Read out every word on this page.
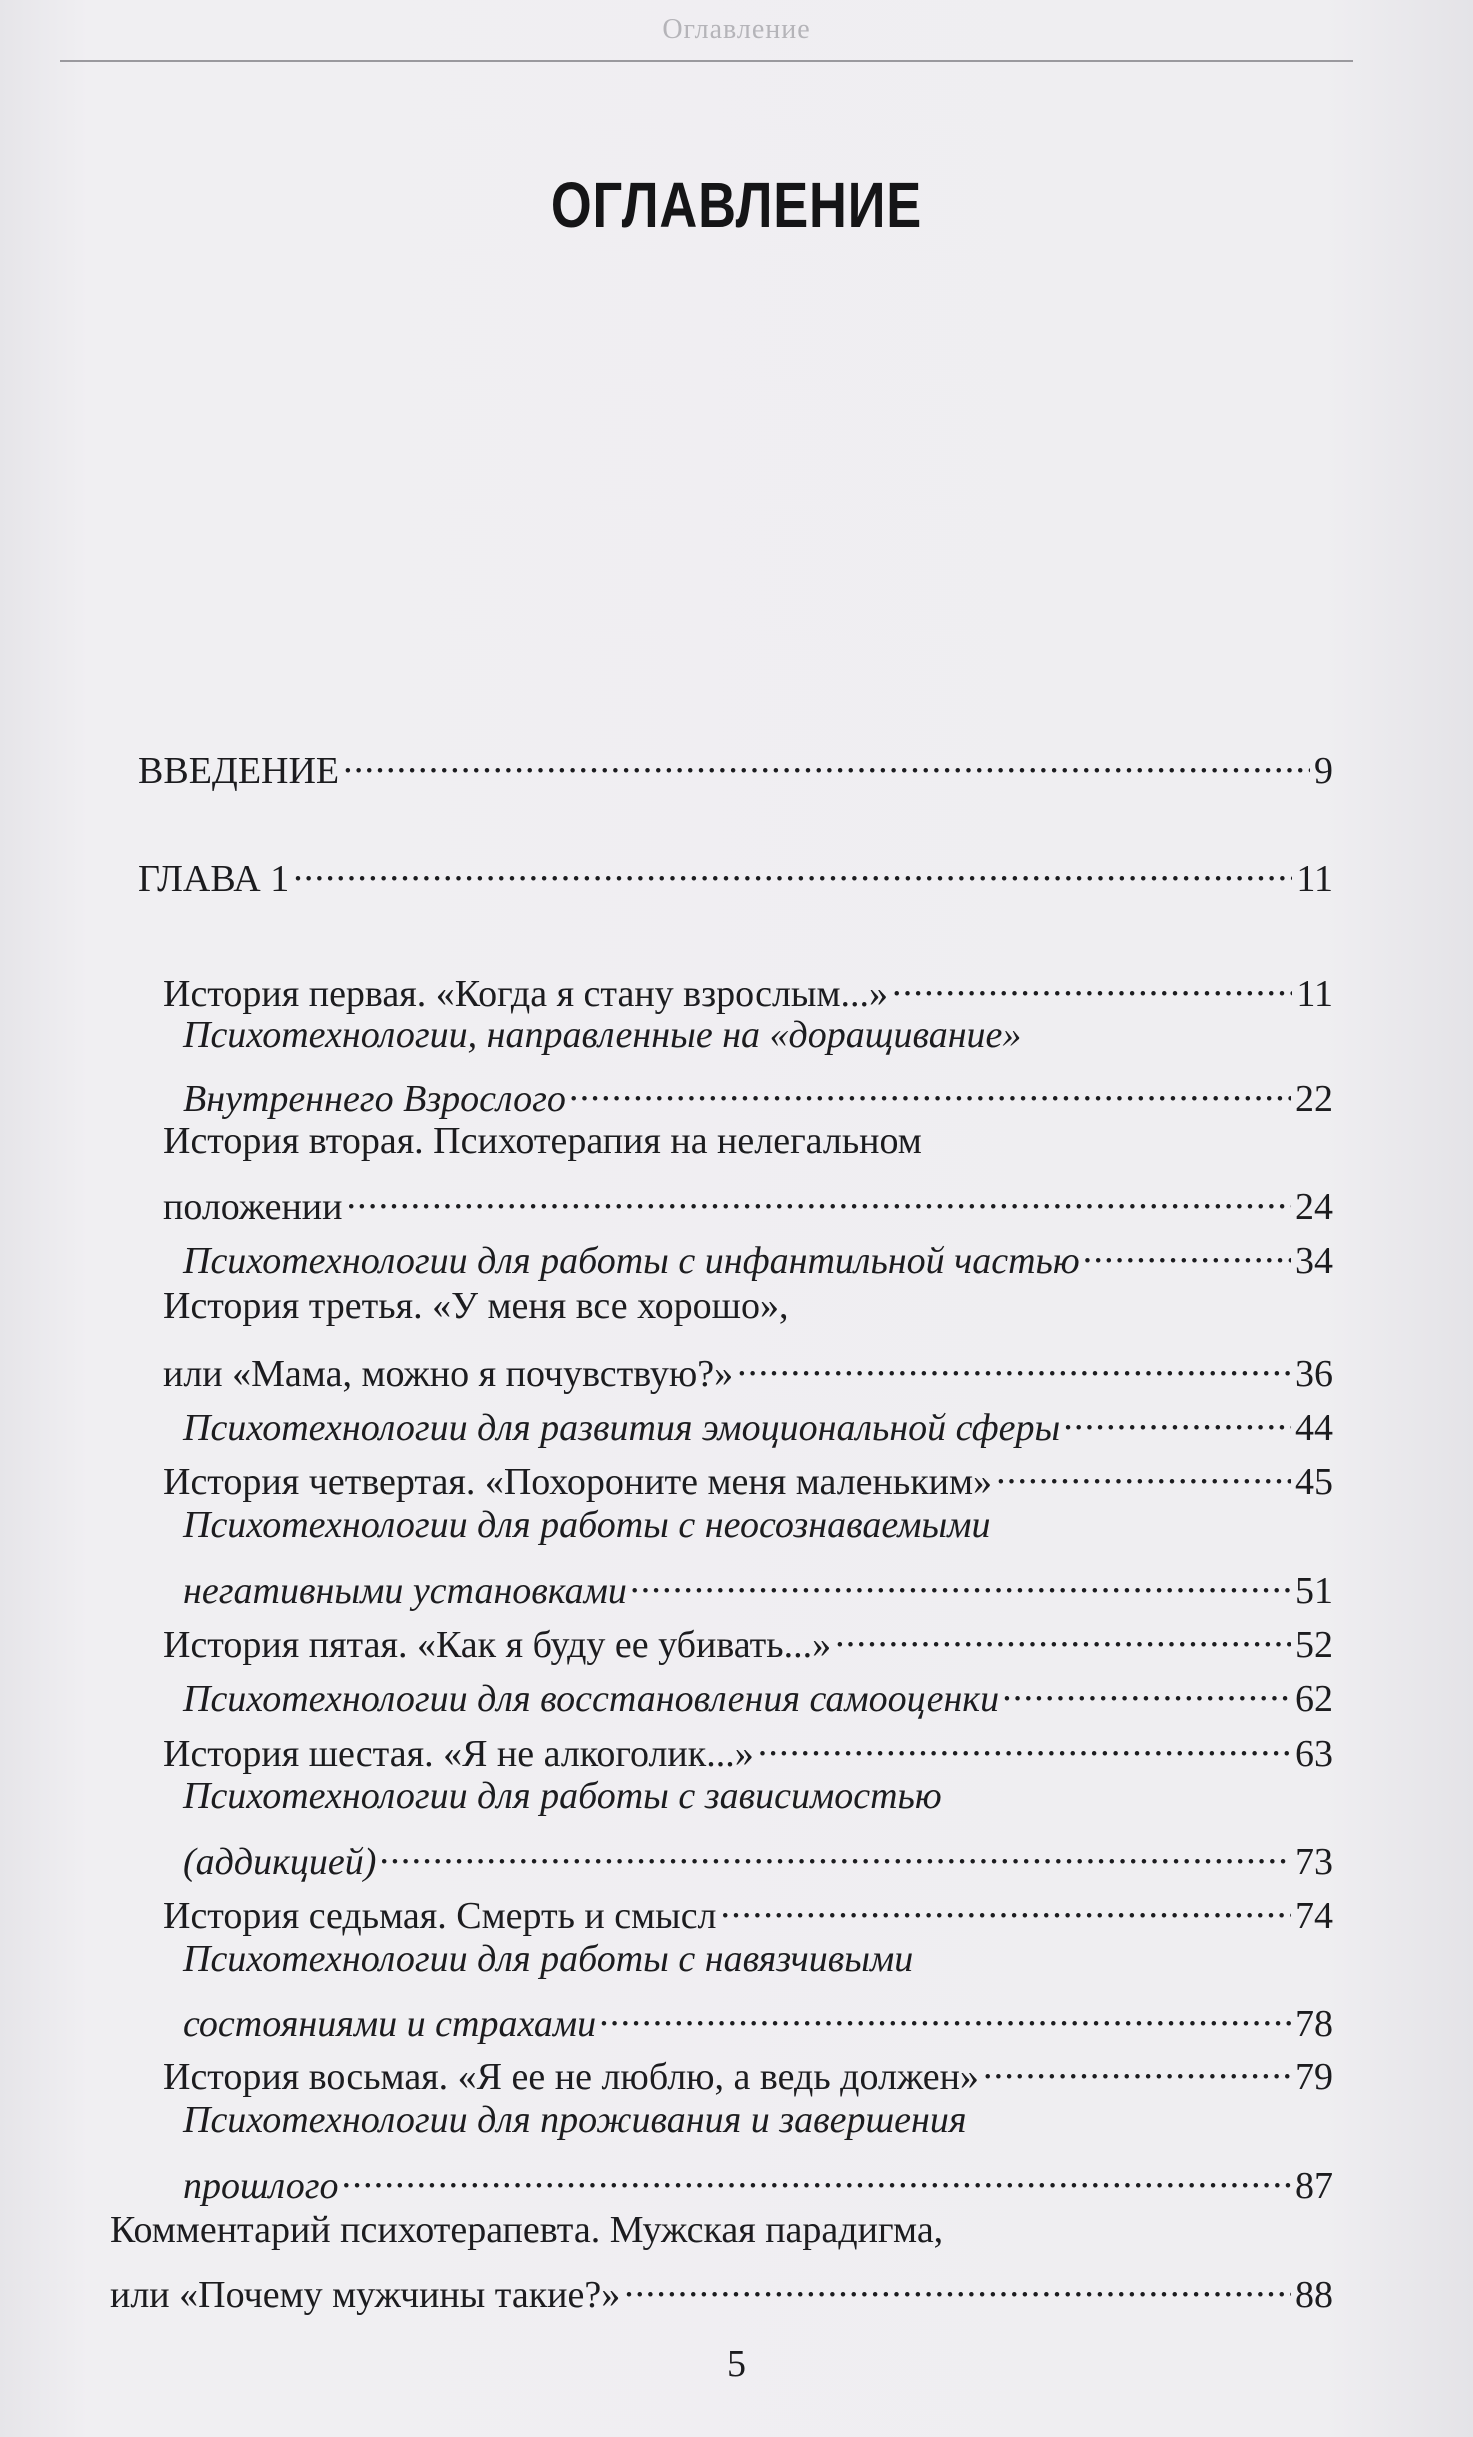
Оглавление
ОГЛАВЛЕНИЕ
ВВЕДЕНИЕ .....	9
ГЛАВА 1 .....	11
История первая. «Когда я стану взрослым...» .....	11
Психотехнологии, направленные на «доращивание»
Внутреннего Взрослого .....	22
История вторая. Психотерапия на нелегальном
положении .....	24
Психотехнологии для работы с инфантильной частью .....	34
История третья. «У меня все хорошо»,
или «Мама, можно я почувствую?» .....	36
Психотехнологии для развития эмоциональной сферы .....	44
История четвертая. «Похороните меня маленьким» .....	45
Психотехнологии для работы с неосознаваемыми
негативными установками .....	51
История пятая. «Как я буду ее убивать...» .....	52
Психотехнологии для восстановления самооценки .....	62
История шестая. «Я не алкоголик...» .....	63
Психотехнологии для работы с зависимостью
(аддикцией) .....	73
История седьмая. Смерть и смысл .....	74
Психотехнологии для работы с навязчивыми
состояниями и страхами .....	78
История восьмая. «Я ее не люблю, а ведь должен» .....	79
Психотехнологии для проживания и завершения
прошлого .....	87
Комментарий психотерапевта. Мужская парадигма,
или «Почему мужчины такие?» .....	88
5
